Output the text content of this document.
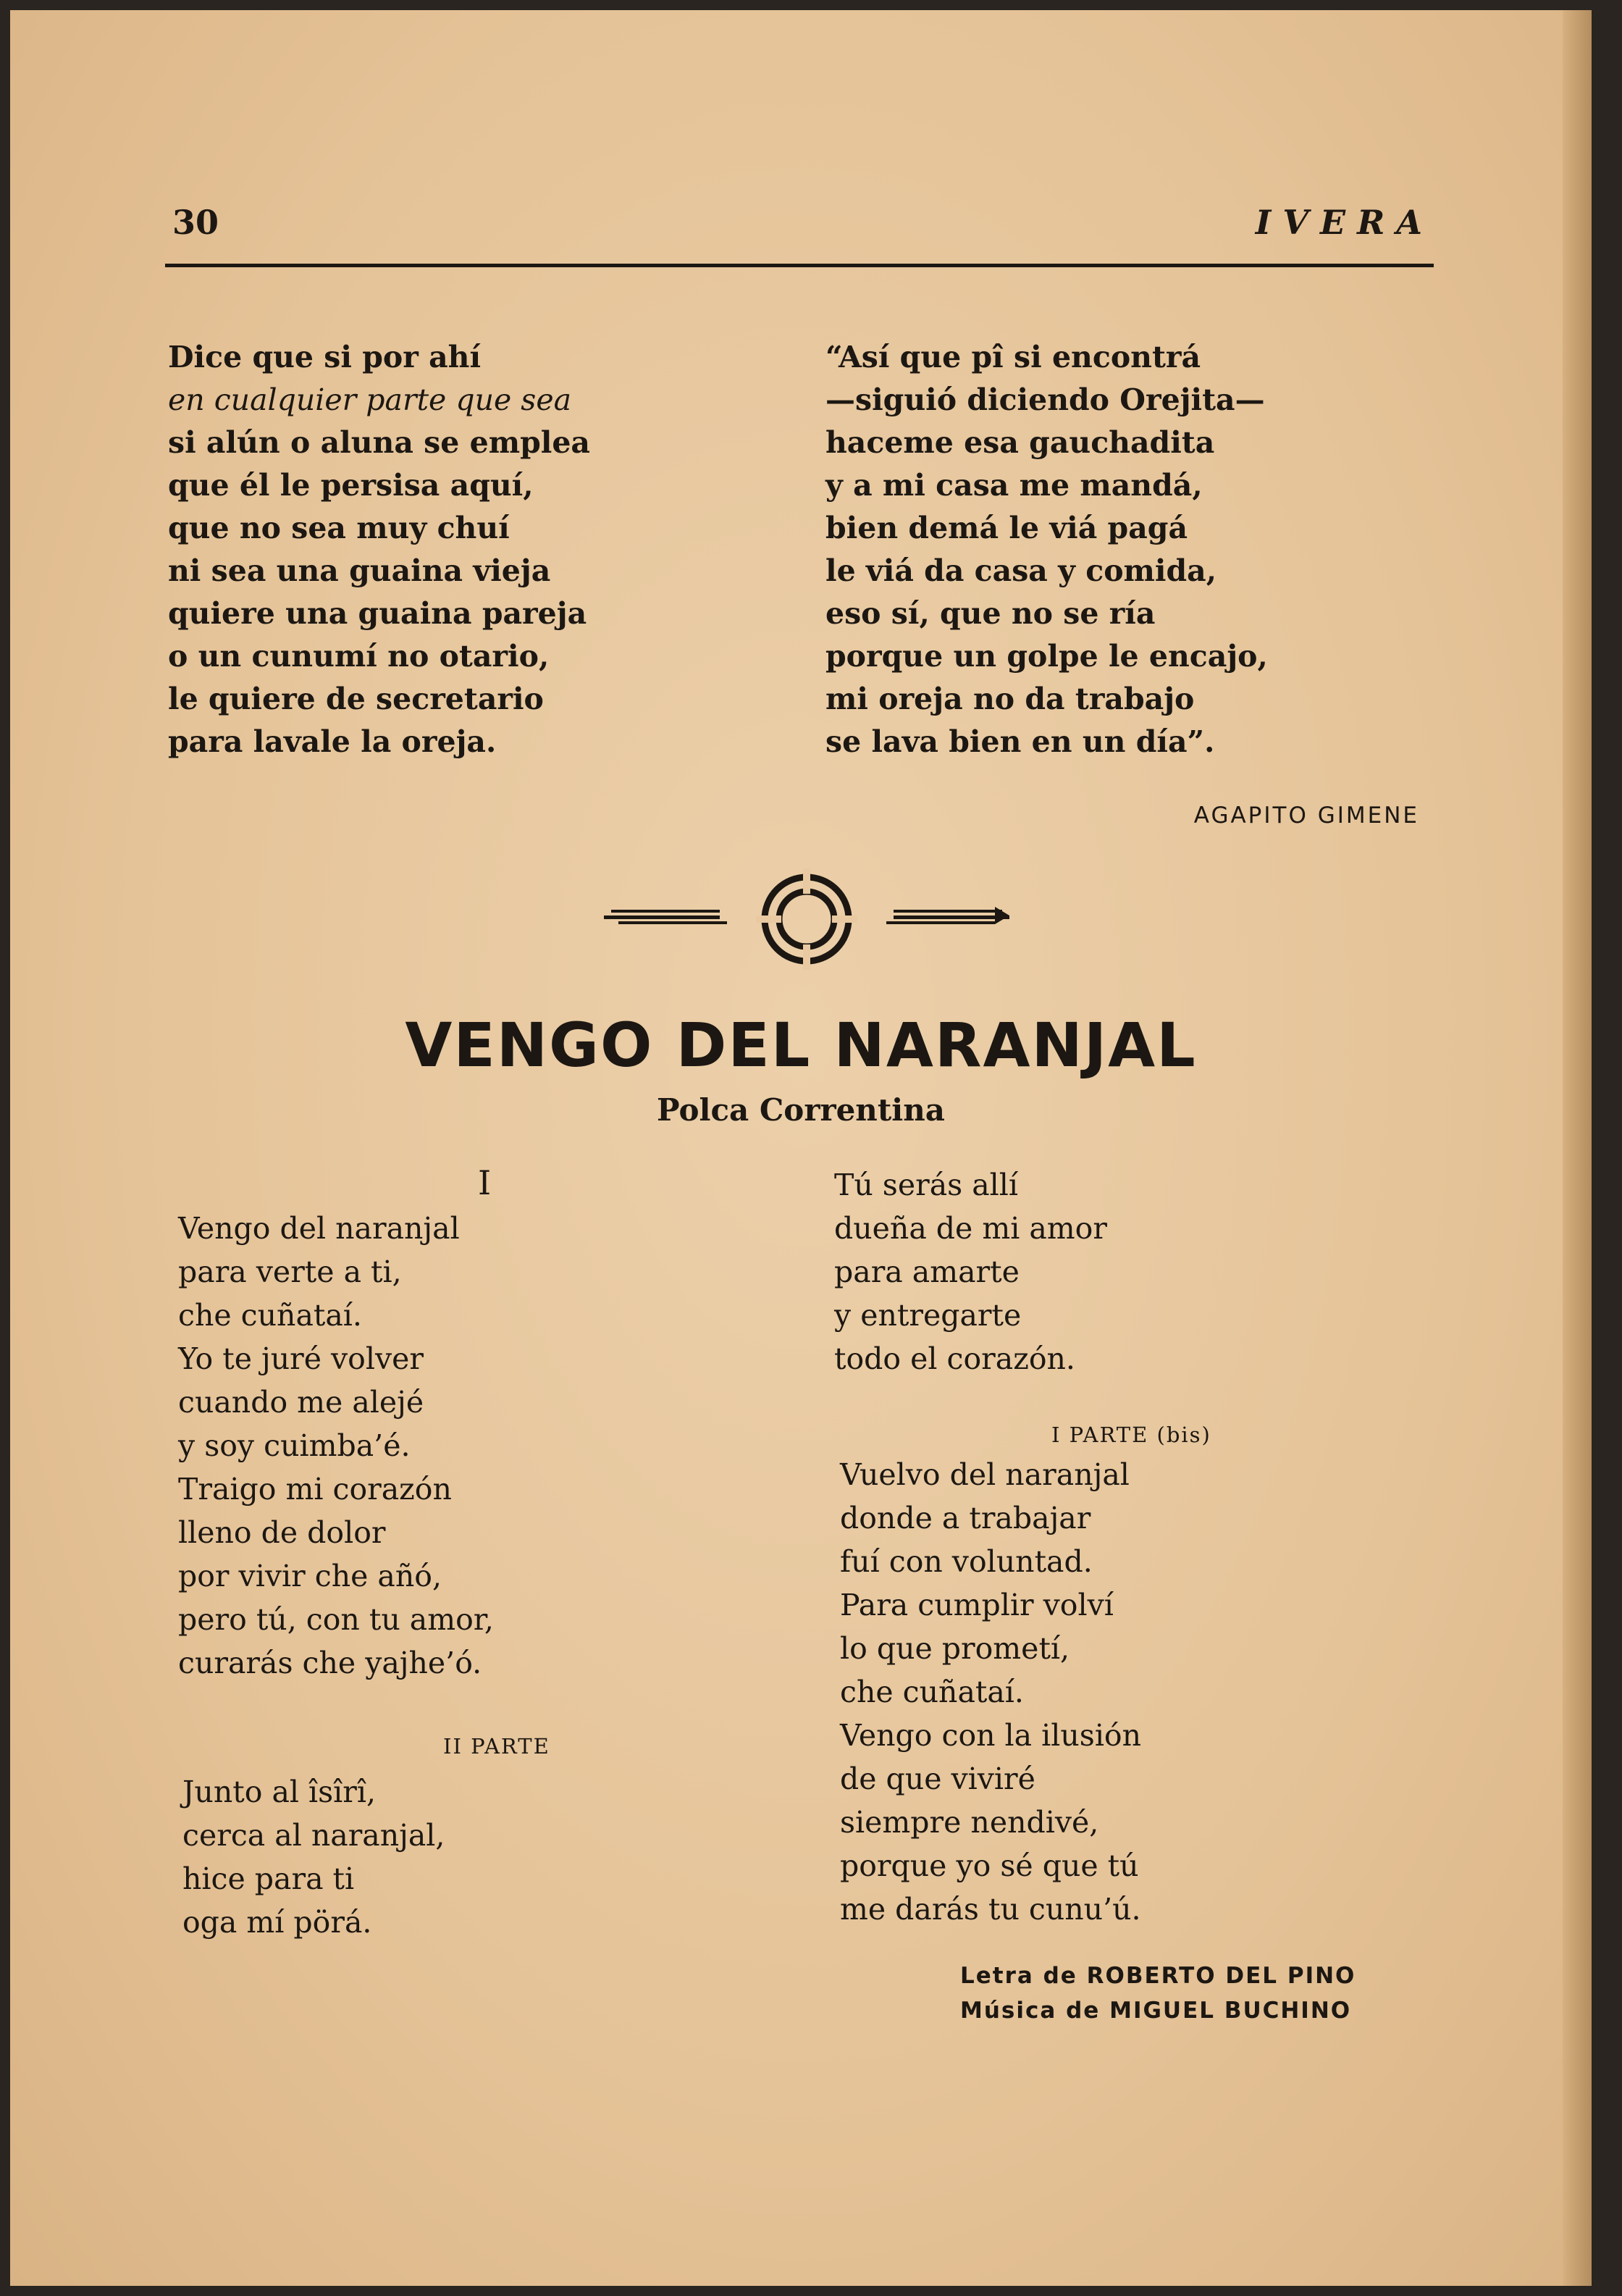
30	IVERA
Dice que si por ahí
en cualquier parte que sea
si alún o aluna se emplea
que él le persisa aquí,
que no sea muy chuí
ni sea una guaina vieja
quiere una guaina pareja
o un cunumí no otario,
le quiere de secretario
para lavale la oreja.
“Así que pî si encontrá
—siguió diciendo Orejita—
haceme esa gauchadita
y a mi casa me mandá,
bien demá le viá pagá
le viá da casa y comida,
eso sí, que no se ría
porque un golpe le encajo,
mi oreja no da trabajo
se lava bien en un día”.
AGAPITO GIMENE
VENGO DEL NARANJAL
Polca Correntina
I
Vengo del naranjal
para verte a ti,
che cuñataí.
Yo te juré volver
cuando me alejé
y soy cuimba’é.
Traigo mi corazón
lleno de dolor
por vivir che añó,
pero tú, con tu amor,
curarás che yajhe’ó.
II PARTE
Junto al îsîrî,
cerca al naranjal,
hice para ti
oga mí pörá.
Tú serás allí
dueña de mi amor
para amarte
y entregarte
todo el corazón.
I PARTE (bis)
Vuelvo del naranjal
donde a trabajar
fuí con voluntad.
Para cumplir volví
lo que prometí,
che cuñataí.
Vengo con la ilusión
de que viviré
siempre nendivé,
porque yo sé que tú
me darás tu cunu’ú.
Letra de ROBERTO DEL PINO
Música de MIGUEL BUCHINO
